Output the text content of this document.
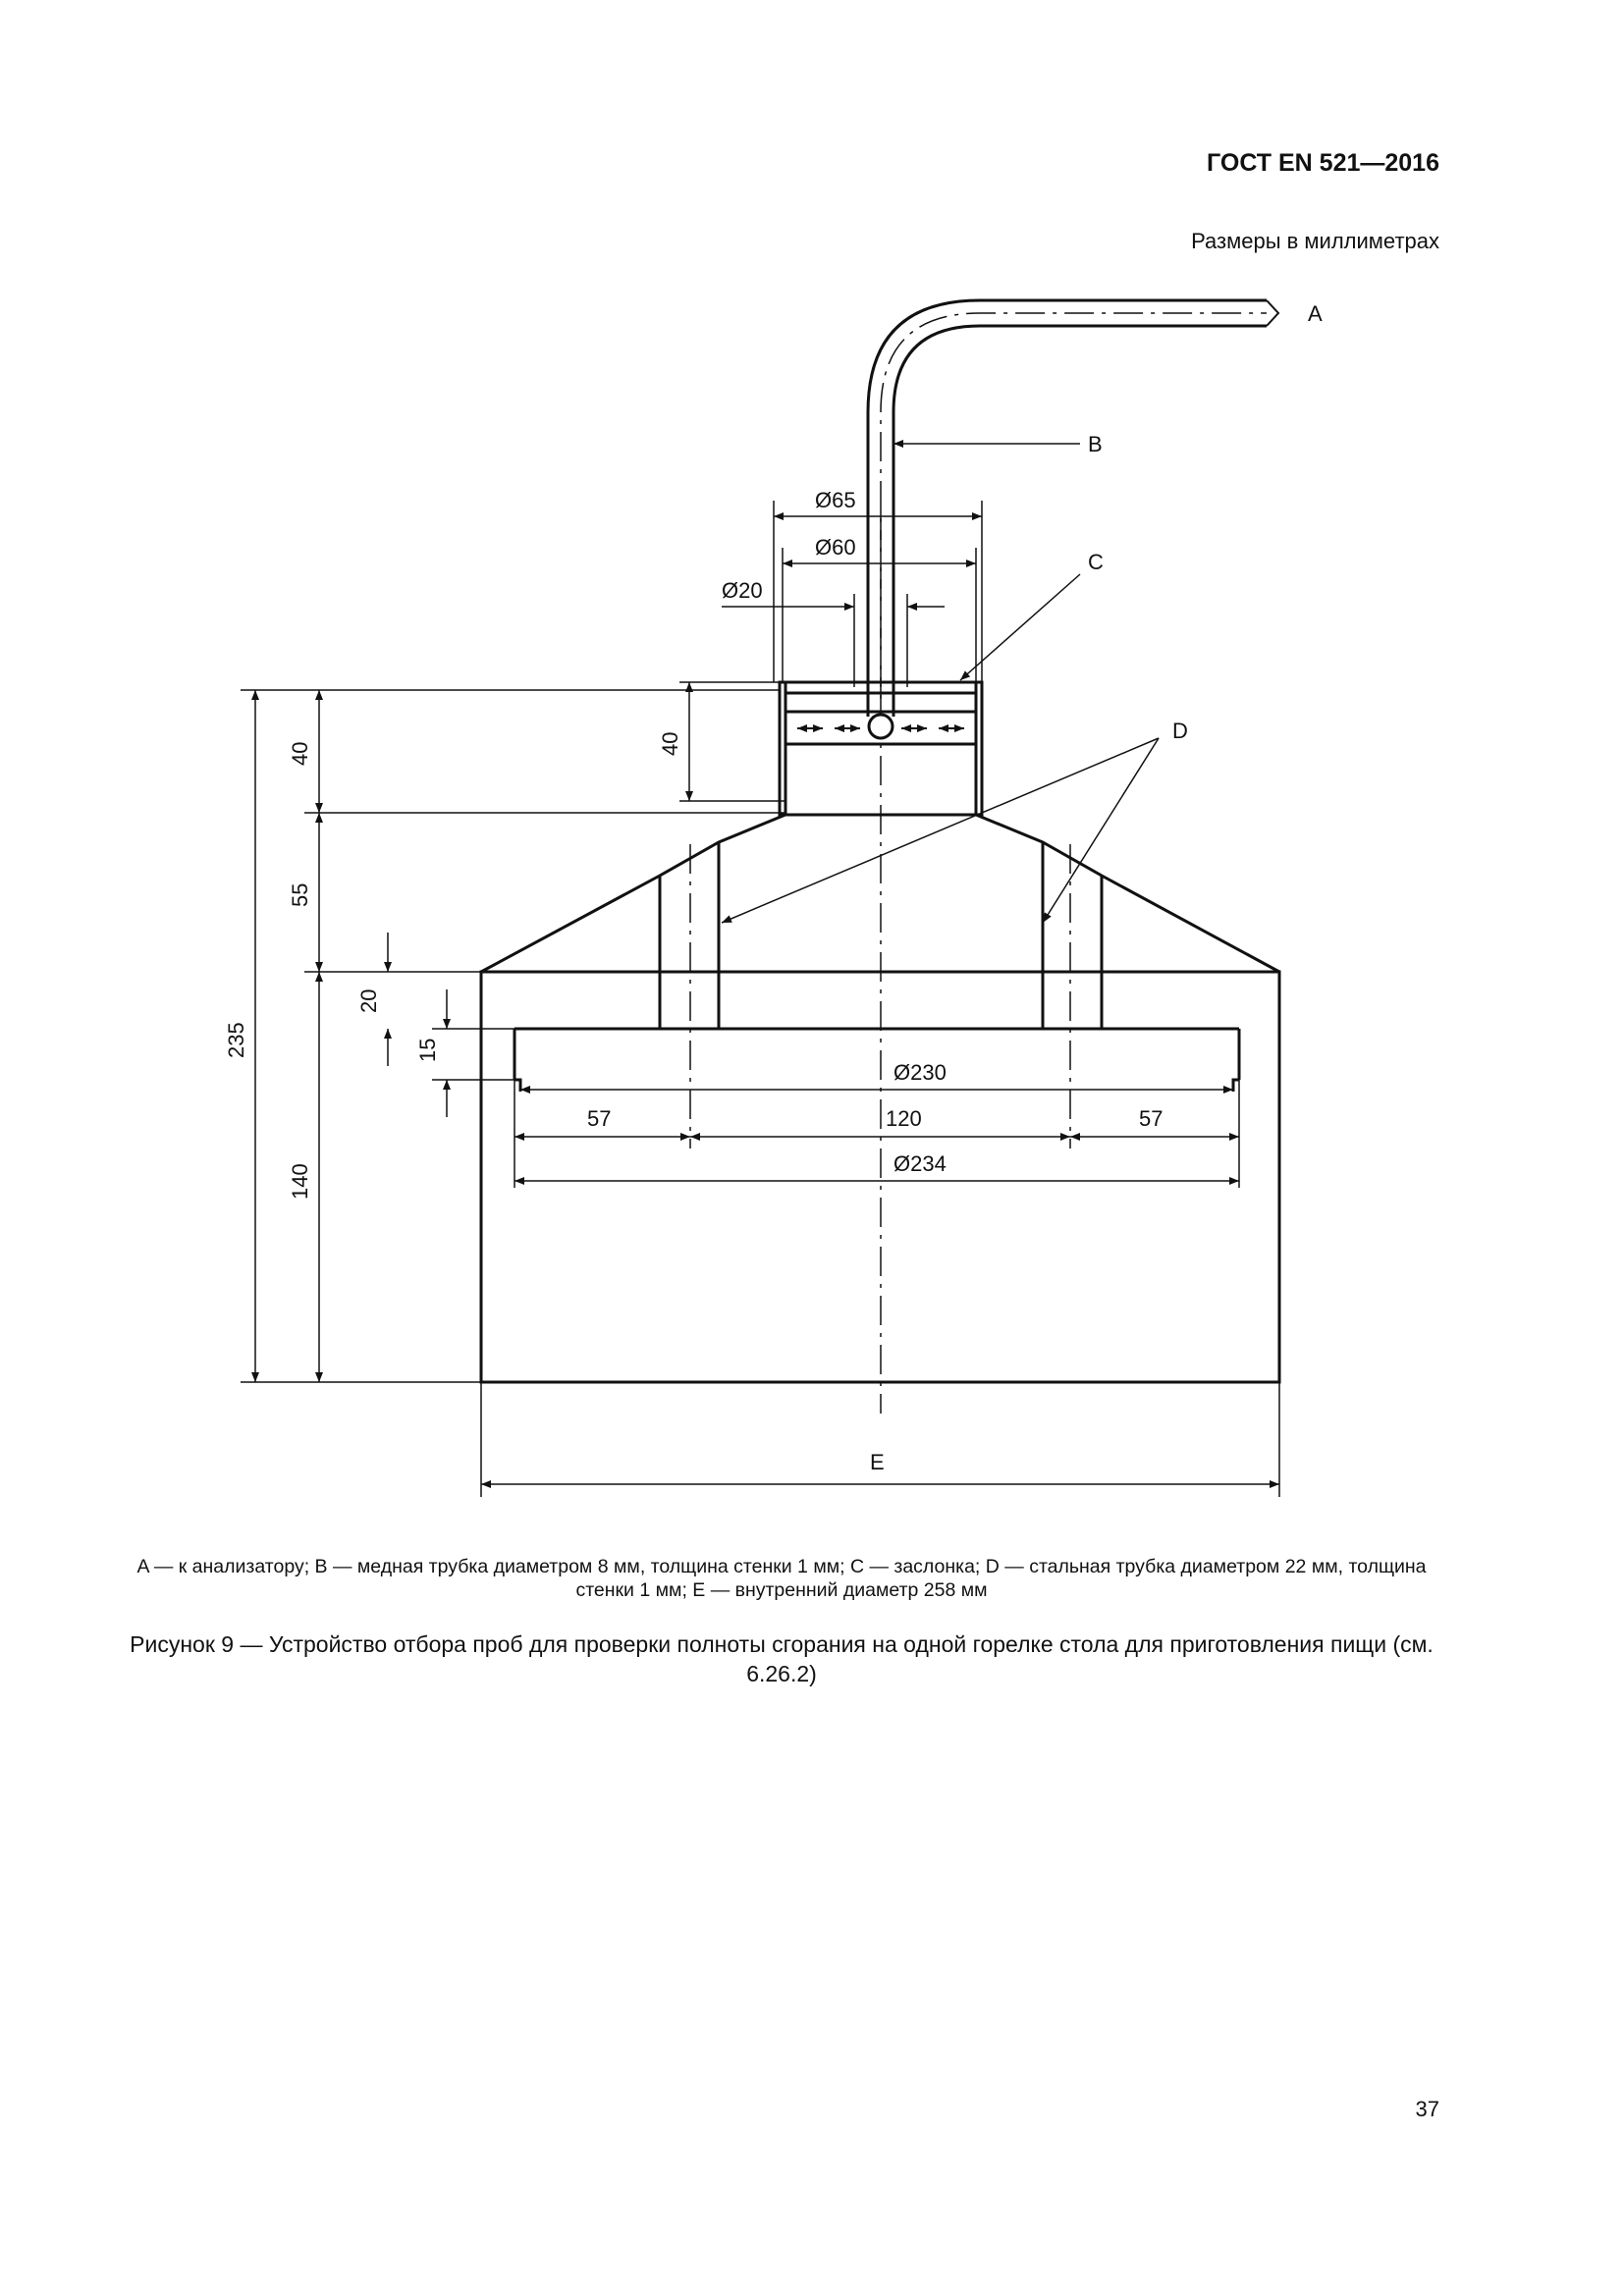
ГОСТ EN 521—2016
Размеры в миллиметрах
A
B
C
D
E
Ø65
Ø60
Ø20
Ø230
57	120	57
Ø234
235
40
55
140
40
20
15
A — к анализатору; B — медная трубка диаметром 8 мм, толщина стенки 1 мм; C — заслонка; D — стальная трубка диаметром 22 мм, толщина стенки 1 мм; E — внутренний диаметр 258 мм
Рисунок 9 — Устройство отбора проб для проверки полноты сгорания на одной горелке стола для приготовления пищи (см. 6.26.2)
37
